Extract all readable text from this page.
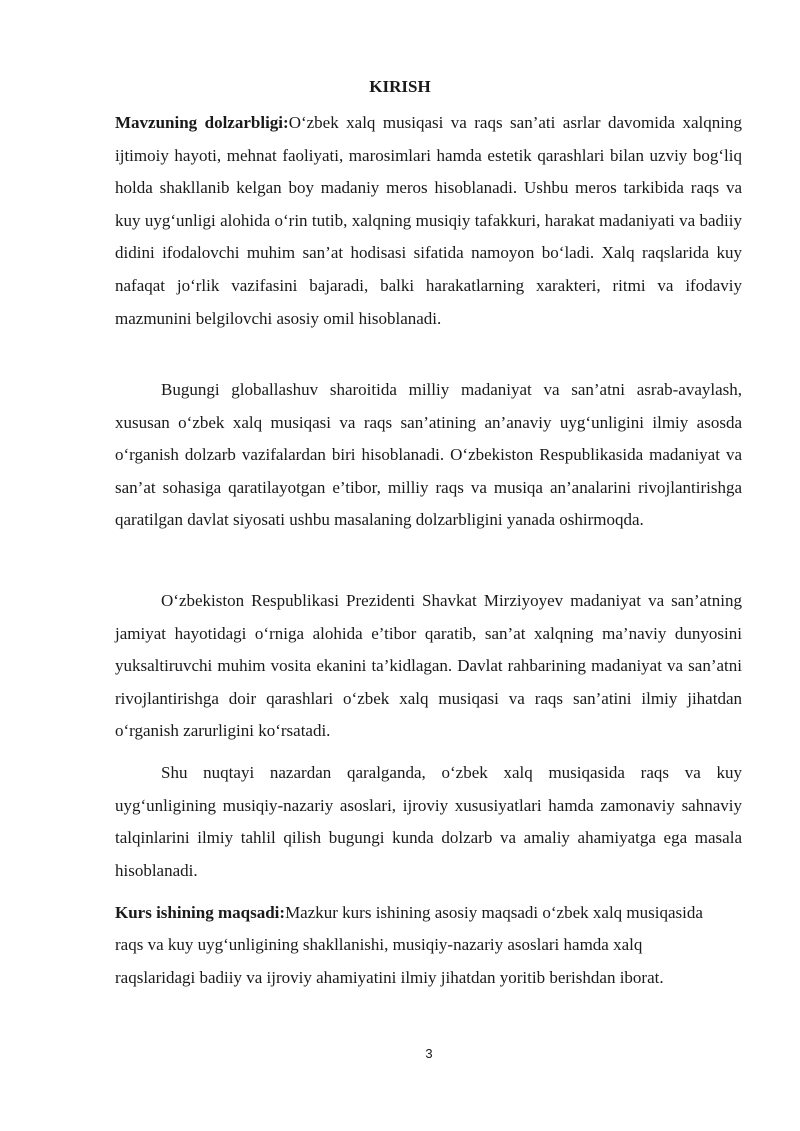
KIRISH

Mavzuning dolzarbligi:O‘zbek xalq musiqasi va raqs san’ati asrlar davomida xalqning ijtimoiy hayoti, mehnat faoliyati, marosimlari hamda estetik qarashlari bilan uzviy bog‘liq holda shakllanib kelgan boy madaniy meros hisoblanadi. Ushbu meros tarkibida raqs va kuy uyg‘unligi alohida o‘rin tutib, xalqning musiqiy tafakkuri, harakat madaniyati va badiiy didini ifodalovchi muhim san’at hodisasi sifatida namoyon bo‘ladi. Xalq raqslarida kuy nafaqat jo‘rlik vazifasini bajaradi, balki harakatlarning xarakteri, ritmi va ifodaviy mazmunini belgilovchi asosiy omil hisoblanadi.

Bugungi globallashuv sharoitida milliy madaniyat va san’atni asrab-avaylash, xususan o‘zbek xalq musiqasi va raqs san’atining an’anaviy uyg‘unligini ilmiy asosda o‘rganish dolzarb vazifalardan biri hisoblanadi. O‘zbekiston Respublikasida madaniyat va san’at sohasiga qaratilayotgan e’tibor, milliy raqs va musiqa an’analarini rivojlantirishga qaratilgan davlat siyosati ushbu masalaning dolzarbligini yanada oshirmoqda.

O‘zbekiston Respublikasi Prezidenti Shavkat Mirziyoyev madaniyat va san’atning jamiyat hayotidagi o‘rniga alohida e’tibor qaratib, san’at xalqning ma’naviy dunyosini yuksaltiruvchi muhim vosita ekanini ta’kidlagan. Davlat rahbarining madaniyat va san’atni rivojlantirishga doir qarashlari o‘zbek xalq musiqasi va raqs san’atini ilmiy jihatdan o‘rganish zarurligini ko‘rsatadi.

Shu nuqtayi nazardan qaralganda, o‘zbek xalq musiqasida raqs va kuy uyg‘unligining musiqiy-nazariy asoslari, ijroviy xususiyatlari hamda zamonaviy sahnaviy talqinlarini ilmiy tahlil qilish bugungi kunda dolzarb va amaliy ahamiyatga ega masala hisoblanadi.

Kurs ishining maqsadi:Mazkur kurs ishining asosiy maqsadi o‘zbek xalq musiqasida raqs va kuy uyg‘unligining shakllanishi, musiqiy-nazariy asoslari hamda xalq raqslaridagi badiiy va ijroviy ahamiyatini ilmiy jihatdan yoritib berishdan iborat.

3
